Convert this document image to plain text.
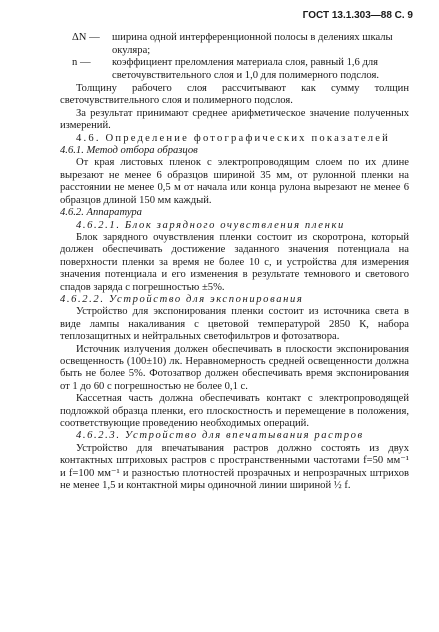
ГОСТ 13.1.303—88 С. 9

ΔN — ширина одной интерференционной полосы в делениях шкалы окуляра;

n — коэффициент преломления материала слоя, равный 1,6 для светочувствительного слоя и 1,0 для полимерного подслоя.

Толщину рабочего слоя рассчитывают как сумму толщин светочувствительного слоя и полимерного подслоя.

За результат принимают среднее арифметическое значение полученных измерений.

4.6. Определение фотографических показателей

4.6.1. Метод отбора образцов

От края листовых пленок с электропроводящим слоем по их длине вырезают не менее 6 образцов шириной 35 мм, от рулонной пленки на расстоянии не менее 0,5 м от начала или конца рулона вырезают не менее 6 образцов длиной 150 мм каждый.

4.6.2. Аппаратура

4.6.2.1. Блок зарядного очувствления пленки

Блок зарядного очувствления пленки состоит из скоротрона, который должен обеспечивать достижение заданного значения потенциала на поверхности пленки за время не более 10 с, и устройства для измерения значения потенциала и его изменения в результате темнового и светового спадов заряда с погрешностью ±5%.

4.6.2.2. Устройство для экспонирования

Устройство для экспонирования пленки состоит из источника света в виде лампы накаливания с цветовой температурой 2850 К, набора теплозащитных и нейтральных светофильтров и фотозатвора.

Источник излучения должен обеспечивать в плоскости экспонирования освещенность (100±10) лк. Неравномерность средней освещенности должна быть не более 5%. Фотозатвор должен обеспечивать время экспонирования от 1 до 60 с погрешностью не более 0,1 с.

Кассетная часть должна обеспечивать контакт с электропроводящей подложкой образца пленки, его плоскостность и перемещение в положения, соответствующие проведению необходимых операций.

4.6.2.3. Устройство для впечатывания растров

Устройство для впечатывания растров должно состоять из двух контактных штриховых растров с пространственными частотами f=50 мм⁻¹ и f=100 мм⁻¹ и разностью плотностей прозрачных и непрозрачных штрихов не менее 1,5 и контактной миры одиночной линии шириной ½ f.
